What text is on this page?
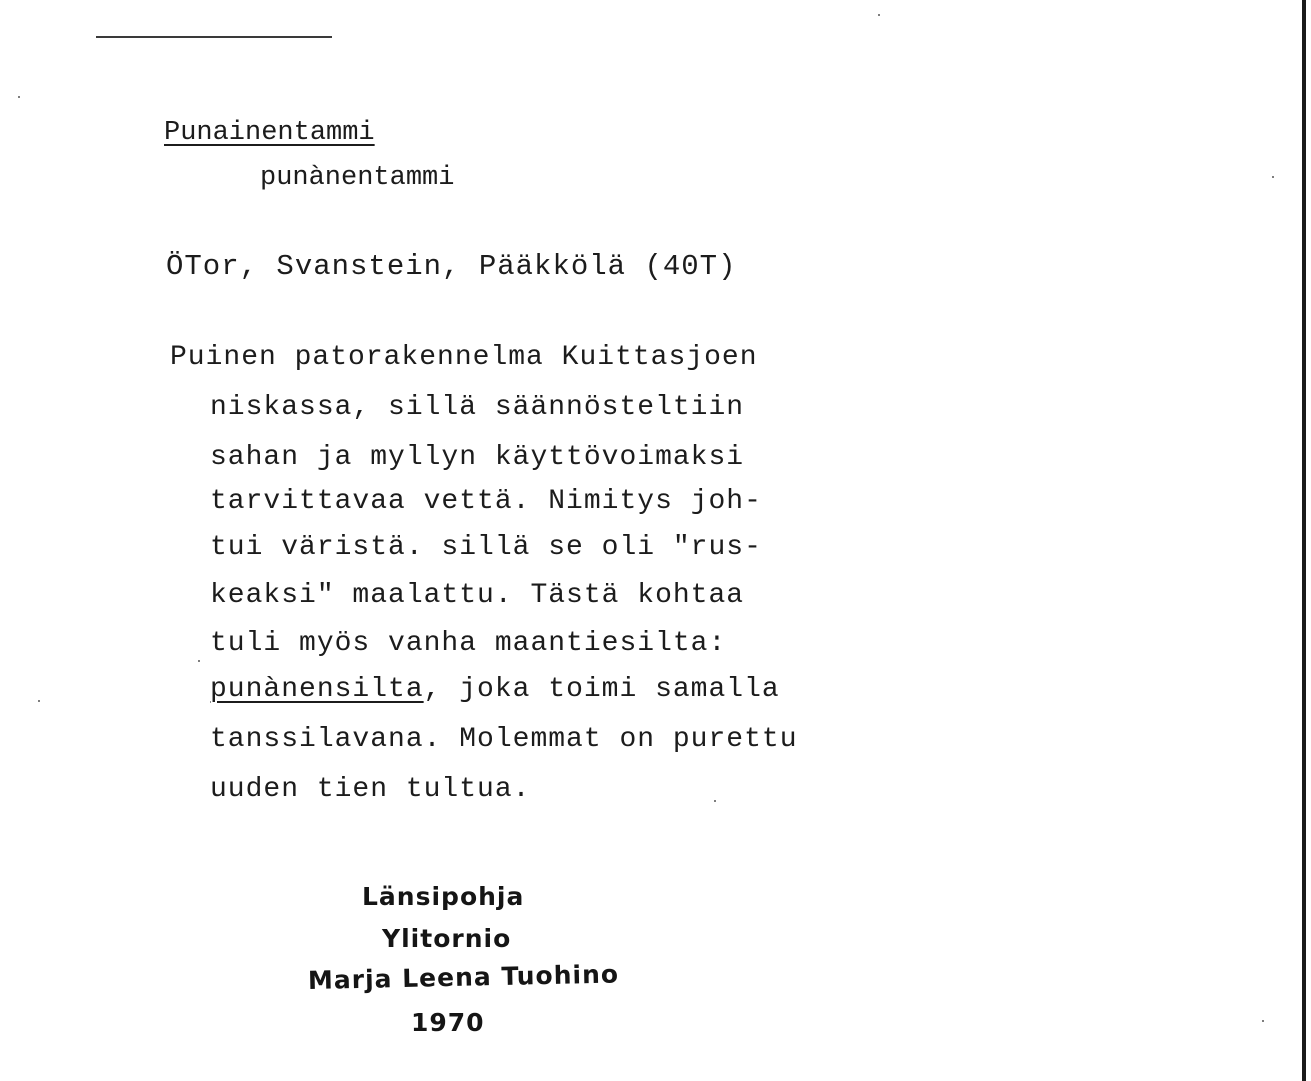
Punainentammi

punànentammi

ÖTor, Svanstein, Pääkkölä (40T)

Puinen patorakennelma Kuittasjoen

niskassa, sillä säännösteltiin

sahan ja myllyn käyttövoimaksi

tarvittavaa vettä. Nimitys joh-

tui väristä. sillä se oli "rus-

keaksi" maalattu. Tästä kohtaa

tuli myös vanha maantiesilta:

punànensilta, joka toimi samalla

tanssilavana. Molemmat on purettu

uuden tien tultua.

Länsipohja

Ylitornio

Marja Leena Tuohino

1970
